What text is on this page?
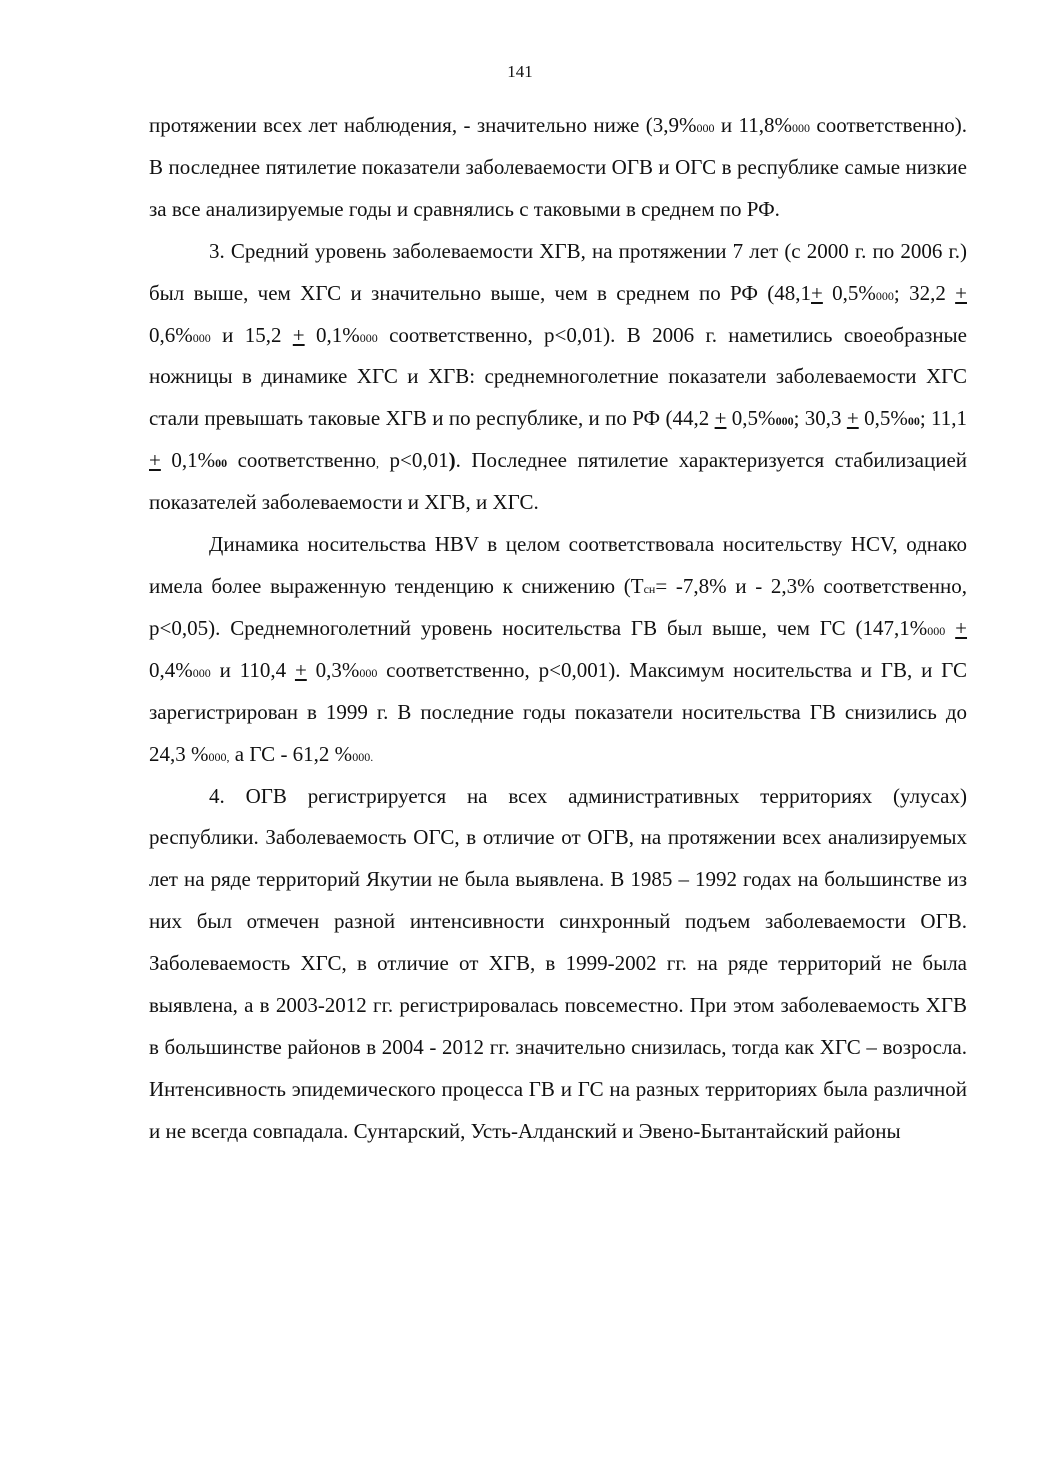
141

протяжении всех лет наблюдения, - значительно ниже (3,9%000 и 11,8%000 соответственно). В последнее пятилетие показатели заболеваемости ОГВ и ОГС в республике самые низкие за все анализируемые годы и сравнялись с таковыми в среднем по РФ.

3. Средний уровень заболеваемости ХГВ, на протяжении 7 лет (с 2000 г. по 2006 г.) был выше, чем ХГС и значительно выше, чем в среднем по РФ (48,1+ 0,5%000; 32,2 + 0,6%000 и 15,2 + 0,1%000 соответственно, р<0,01). В 2006 г. наметились своеобразные ножницы в динамике ХГС и ХГВ: среднемноголетние показатели заболеваемости ХГС стали превышать таковые ХГВ и по республике, и по РФ (44,2 + 0,5%000; 30,3 + 0,5%00; 11,1 + 0,1%00 соответственно, р<0,01). Последнее пятилетие характеризуется стабилизацией показателей заболеваемости и ХГВ, и ХГС.

Динамика носительства HBV в целом соответствовала носительству HCV, однако имела более выраженную тенденцию к снижению (Тсн= -7,8% и - 2,3% соответственно, р<0,05). Среднемноголетний уровень носительства ГВ был выше, чем ГС (147,1%000 + 0,4%000 и 110,4 + 0,3%000 соответственно, р<0,001). Максимум носительства и ГВ, и ГС зарегистрирован в 1999 г. В последние годы показатели носительства ГВ снизились до 24,3 %000, а ГС - 61,2 %000.

4. ОГВ регистрируется на всех административных территориях (улусах) республики. Заболеваемость ОГС, в отличие от ОГВ, на протяжении всех анализируемых лет на ряде территорий Якутии не была выявлена. В 1985 – 1992 годах на большинстве из них был отмечен разной интенсивности синхронный подъем заболеваемости ОГВ. Заболеваемость ХГС, в отличие от ХГВ, в 1999-2002 гг. на ряде территорий не была выявлена, а в 2003-2012 гг. регистрировалась повсеместно. При этом заболеваемость ХГВ в большинстве районов в 2004 - 2012 гг. значительно снизилась, тогда как ХГС – возросла. Интенсивность эпидемического процесса ГВ и ГС на разных территориях была различной и не всегда совпадала. Сунтарский, Усть-Алданский и Эвено-Бытантайский районы
